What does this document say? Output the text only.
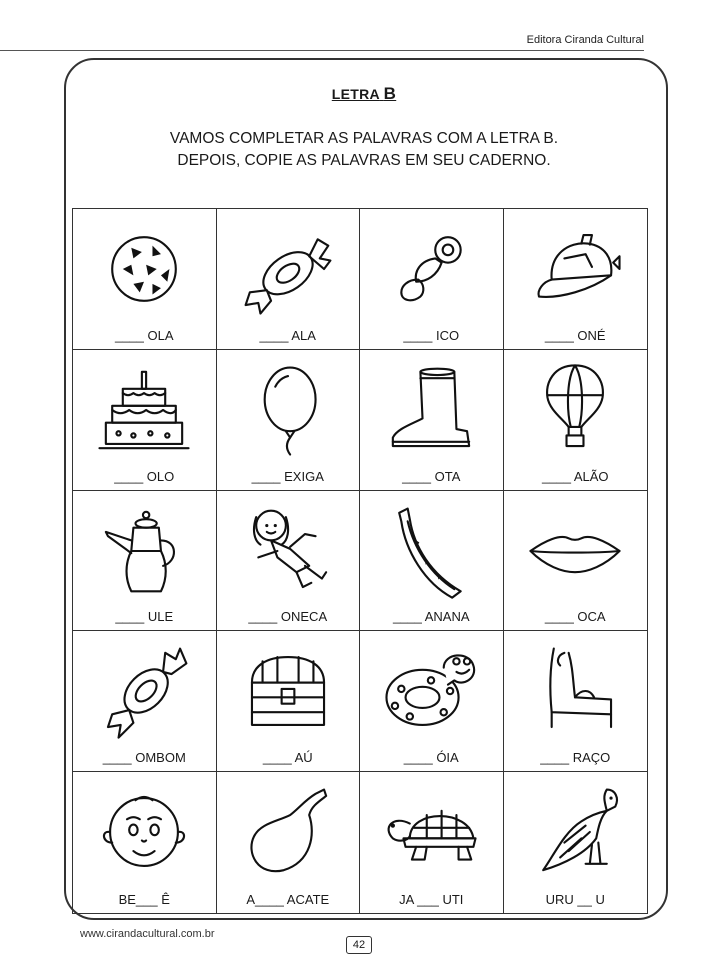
Editora Ciranda Cultural
LETRA B
VAMOS COMPLETAR AS PALAVRAS COM A LETRA B.
DEPOIS, COPIE AS PALAVRAS EM SEU CADERNO.
____ OLA	____ ALA	____ ICO	____ ONÉ
____ OLO	____ EXIGA	____ OTA	____ ALÃO
____ ULE	____ ONECA	____ ANANA	____ OCA
____ OMBOM	____ AÚ	____ ÓIA	____ RAÇO
BE___ Ê	A____ ACATE	JA ___ UTI	URU __ U
www.cirandacultural.com.br
42
